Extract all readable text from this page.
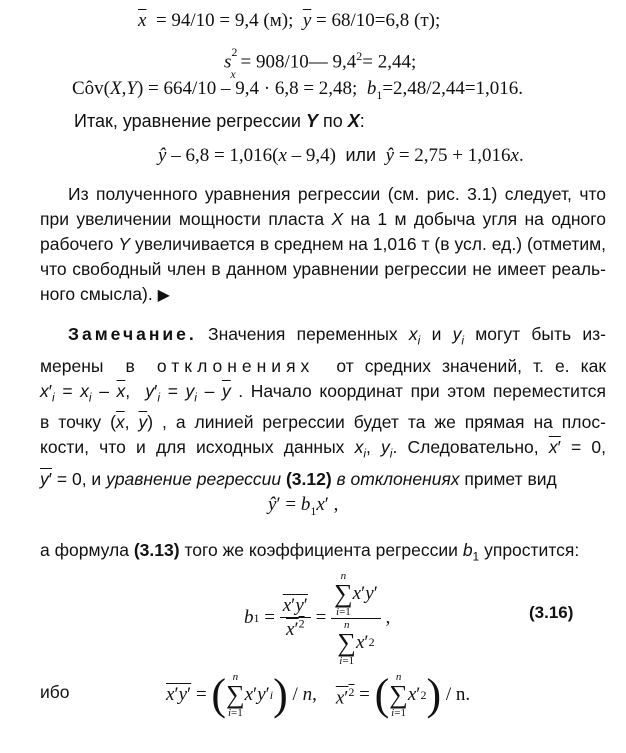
$\overline{x} = 94/10 = 9,4$ (м);  $\overline{y} = 68/10=6,8$ (т);
$s^2_x$ = 908/10— $9,4^2= 2,44$;
Côv(X,Y) = 664/10 – 9,4 · 6,8 = 2,48;  $b_1=2,48/2,44=1,016$.
Итак, уравнение регрессии Y по X:
ŷ – 6,8 = 1,016(x – 9,4)  или ŷ = 2,75 + 1,016x.
Из полученного уравнения регрессии (см. рис. 3.1) следует, что
при увеличении мощности пласта X на 1 м добыча угля на одного
рабочего Y увеличивается в среднем на 1,016 т (в усл. ед.) (отметим,
что свободный член в данном уравнении регрессии не имеет реаль-
ного смысла). ▶
Замечание. Значения переменных $x_i$ и $y_i$ могут быть из-
мерены  в  отклонениях  от средних значений, т. е. как
$x'_i = x_i - \overline{x}$,  $y'_i = y_i - \overline{y}$ . Начало координат при этом переместится
в точку ($\overline{x}$, $\overline{y}$) , а линией регрессии будет та же прямая на плос-
кости, что и для исходных данных $x_i$, $y_i$. Следовательно, x′ = 0,
y′ = 0, и уравнение регрессии (3.12) в отклонениях примет вид
ŷ′ = $b_1x'$ ,
а формула (3.13) того же коэффициента регрессии $b_1$ упростится:
b $1 = \frac{x'y'}{x'^2} = n$
∑
i=1
x ′ y ′
n
∑
i=1
x ′ 2 ,	(3.16)
ибо	x′y′ = ( n
∑
i=1
x ′ y ′ i ) / n , $x'^2$ = ( n
∑
i=1
x ′ 2 )
/ n.
